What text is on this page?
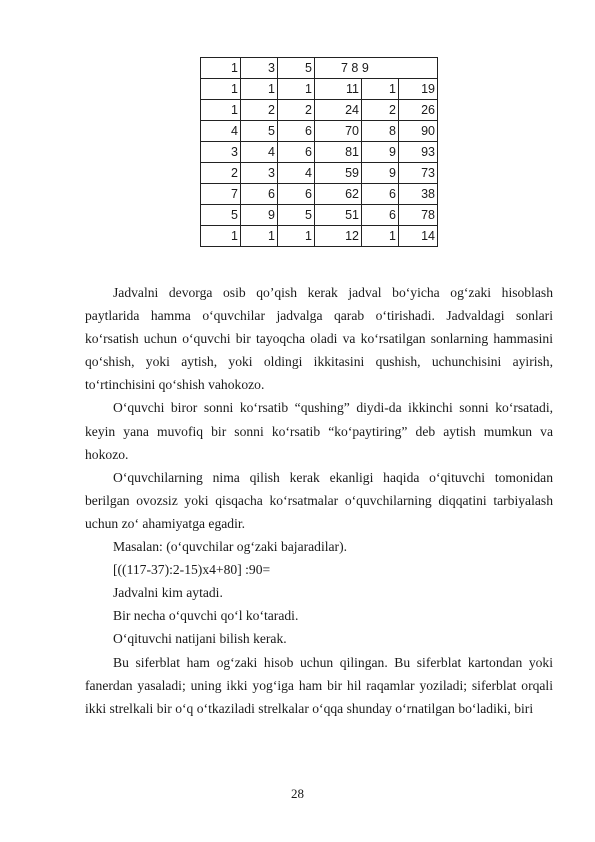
1	3	5	7 8 9		
1	1	1	11	1	19
1	2	2	24	2	26
4	5	6	70	8	90
3	4	6	81	9	93
2	3	4	59	9	73
7	6	6	62	6	38
5	9	5	51	6	78
1	1	1	12	1	14

Jadvalni devorga osib qo’qish kerak jadval bo‘yicha og‘zaki hisoblash paytlarida hamma o‘quvchilar jadvalga qarab o‘tirishadi. Jadvaldagi sonlari ko‘rsatish uchun o‘quvchi bir tayoqcha oladi va ko‘rsatilgan sonlarning hammasini qo‘shish, yoki aytish, yoki oldingi ikkitasini qushish, uchunchisini ayirish, to‘rtinchisini qo‘shish vahokozo.

O‘quvchi biror sonni ko‘rsatib “qushing” diydi-da ikkinchi sonni ko‘rsatadi, keyin yana muvofiq bir sonni ko‘rsatib “ko‘paytiring” deb aytish mumkun va hokozo.

O‘quvchilarning nima qilish kerak ekanligi haqida o‘qituvchi tomonidan berilgan ovozsiz yoki qisqacha ko‘rsatmalar o‘quvchilarning diqqatini tarbiyalash uchun zo‘ ahamiyatga egadir.

Masalan: (o‘quvchilar og‘zaki bajaradilar).

[((117-37):2-15)x4+80] :90=

Jadvalni kim aytadi.

Bir necha o‘quvchi qo‘l ko‘taradi.

O‘qituvchi natijani bilish kerak.

Bu siferblat ham og‘zaki hisob uchun qilingan. Bu siferblat kartondan yoki fanerdan yasaladi; uning ikki yog‘iga ham bir hil raqamlar yoziladi; siferblat orqali ikki strelkali bir o‘q o‘tkaziladi strelkalar o‘qqa shunday o‘rnatilgan bo‘ladiki, biri

28
